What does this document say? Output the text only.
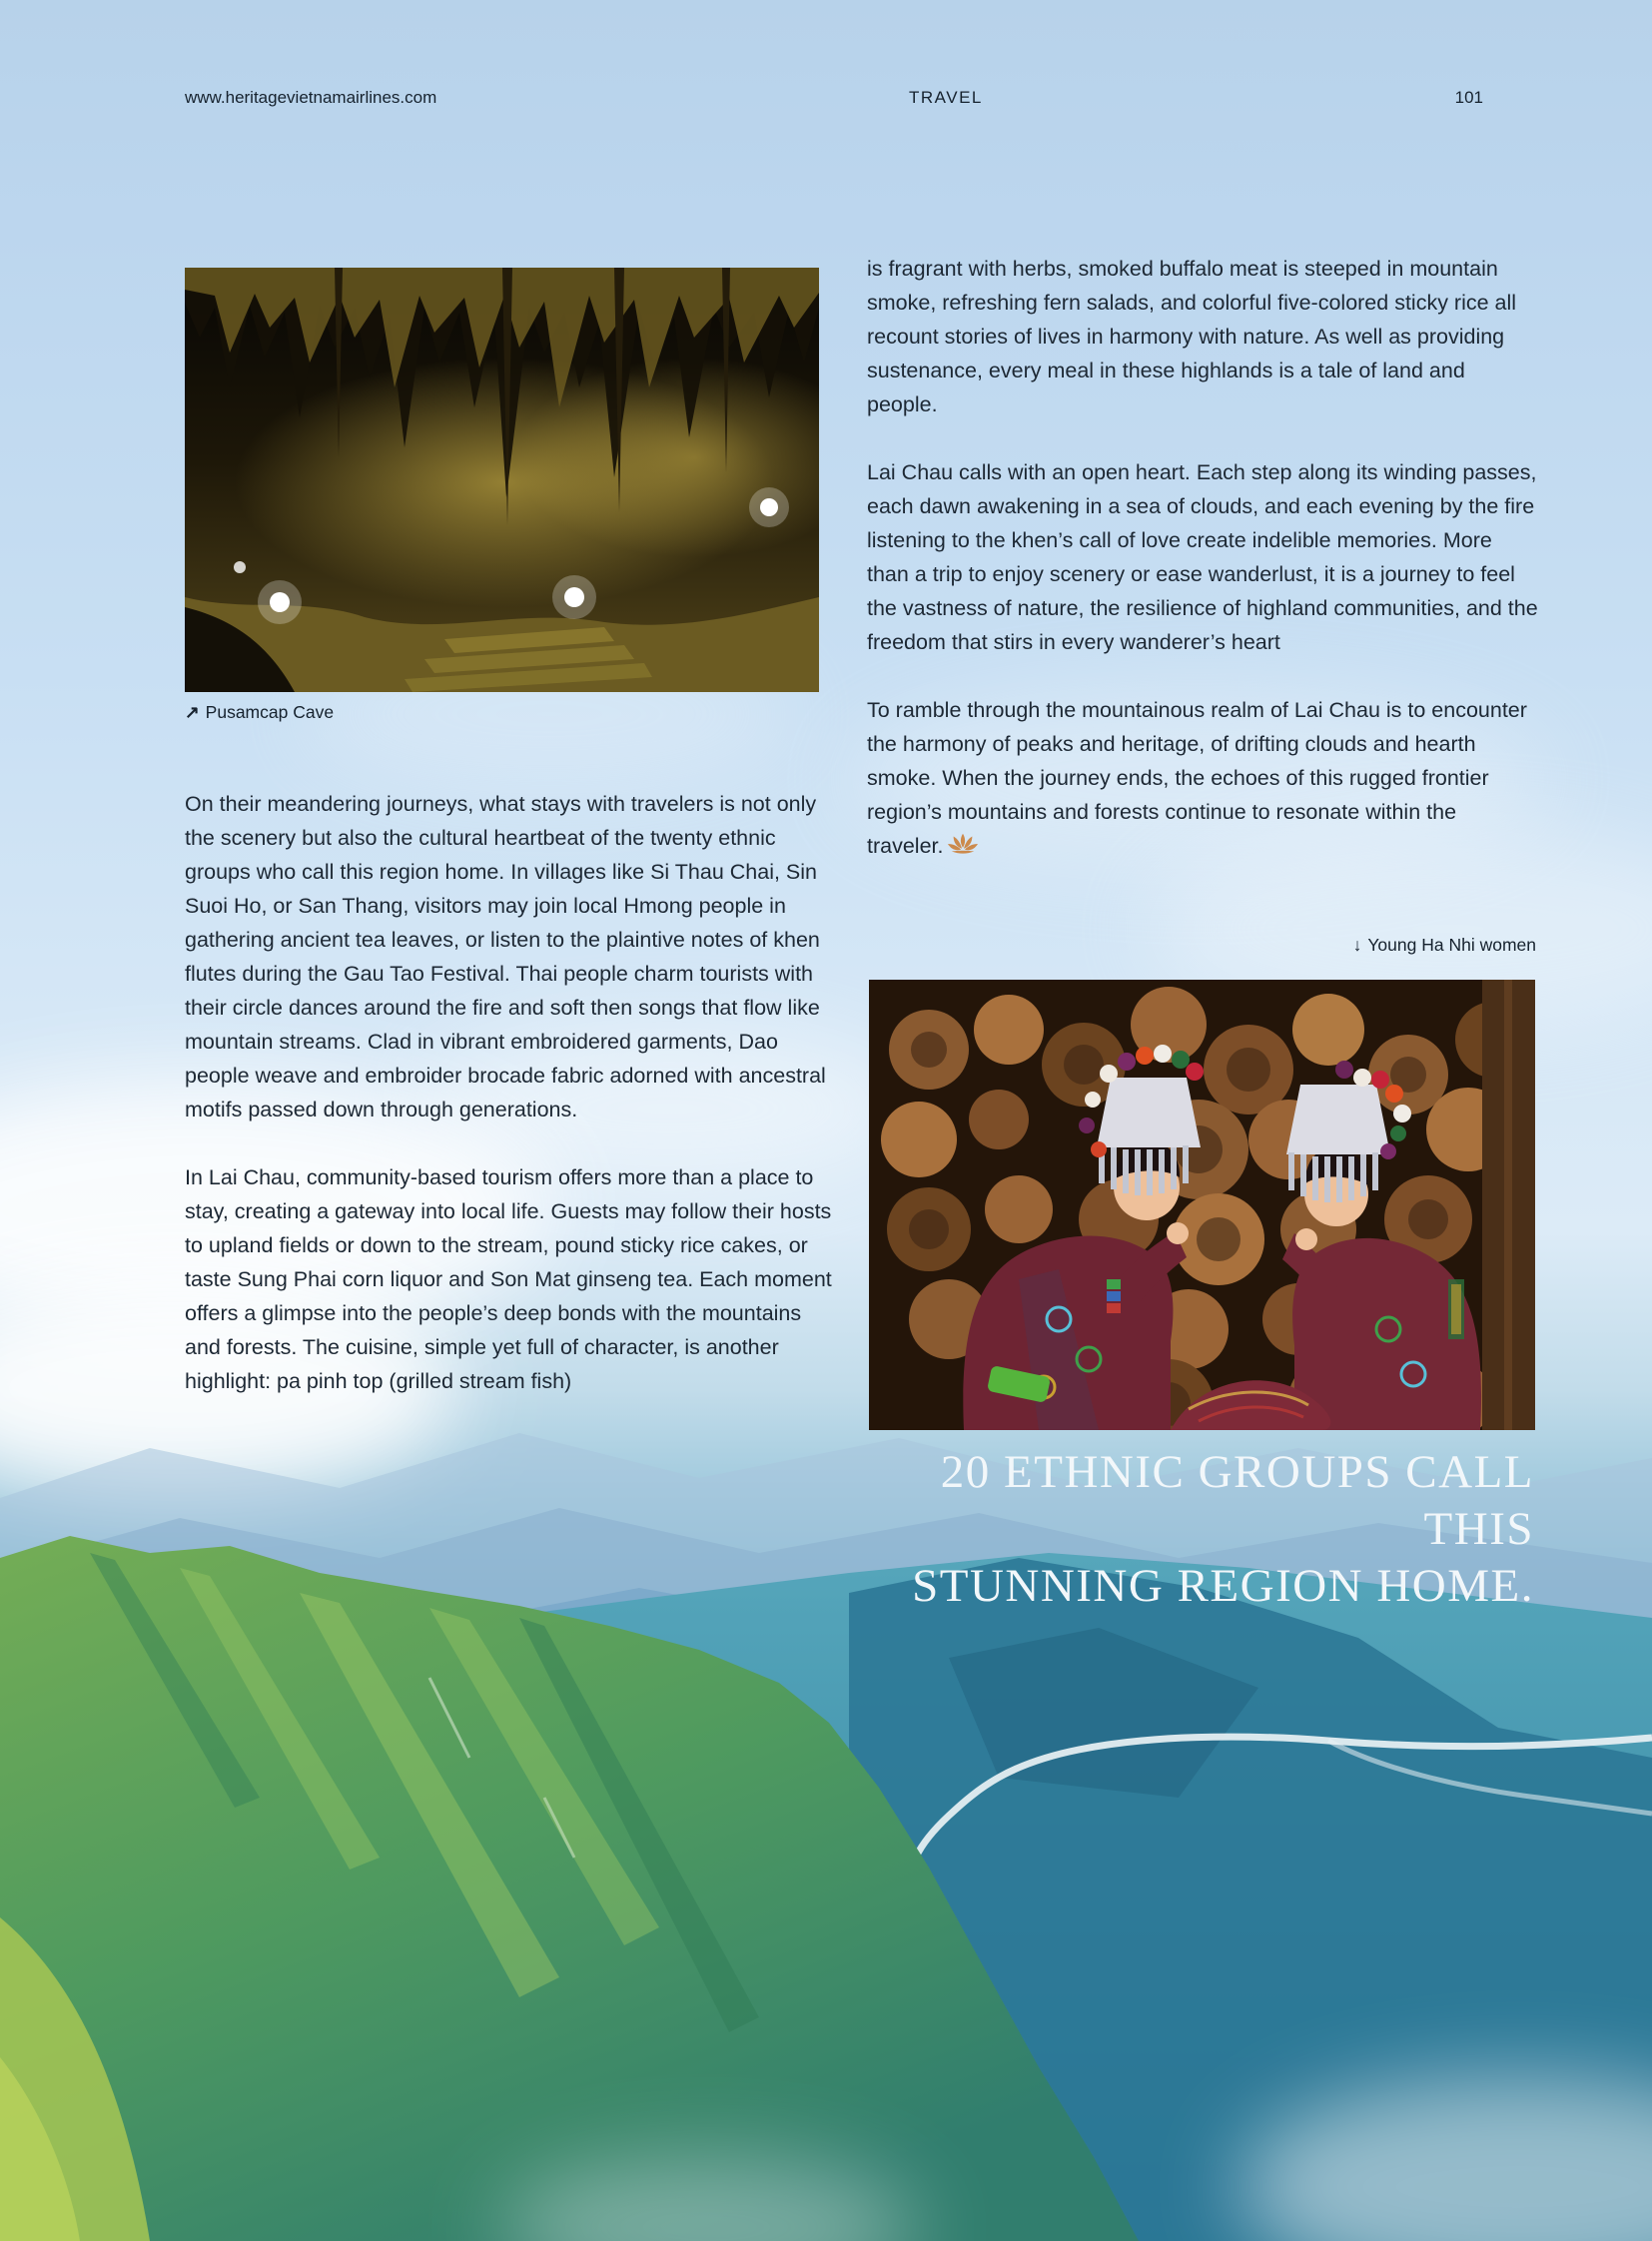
www.heritagevietnamairlines.com	TRAVEL	101
↗ Pusamcap Cave

On their meandering journeys, what stays with travelers is not only the scenery but also the cultural heartbeat of the twenty ethnic groups who call this region home. In villages like Si Thau Chai, Sin Suoi Ho, or San Thang, visitors may join local Hmong people in gathering ancient tea leaves, or listen to the plaintive notes of khen flutes during the Gau Tao Festival. Thai people charm tourists with their circle dances around the fire and soft then songs that flow like mountain streams. Clad in vibrant embroidered garments, Dao people weave and embroider brocade fabric adorned with ancestral motifs passed down through generations.

In Lai Chau, community-based tourism offers more than a place to stay, creating a gateway into local life. Guests may follow their hosts to upland fields or down to the stream, pound sticky rice cakes, or taste Sung Phai corn liquor and Son Mat ginseng tea. Each moment offers a glimpse into the people’s deep bonds with the mountains and forests. The cuisine, simple yet full of character, is another highlight: pa pinh top (grilled stream fish)

is fragrant with herbs, smoked buffalo meat is steeped in mountain smoke, refreshing fern salads, and colorful five-colored sticky rice all recount stories of lives in harmony with nature. As well as providing sustenance, every meal in these highlands is a tale of land and people.

Lai Chau calls with an open heart. Each step along its winding passes, each dawn awakening in a sea of clouds, and each evening by the fire listening to the khen’s call of love create indelible memories. More than a trip to enjoy scenery or ease wanderlust, it is a journey to feel the vastness of nature, the resilience of highland communities, and the freedom that stirs in every wanderer’s heart

To ramble through the mountainous realm of Lai Chau is to encounter the harmony of peaks and heritage, of drifting clouds and hearth smoke. When the journey ends, the echoes of this rugged frontier region’s mountains and forests continue to resonate within the traveler.

↓ Young Ha Nhi women
20 ETHNIC GROUPS CALL THIS
STUNNING REGION HOME.
